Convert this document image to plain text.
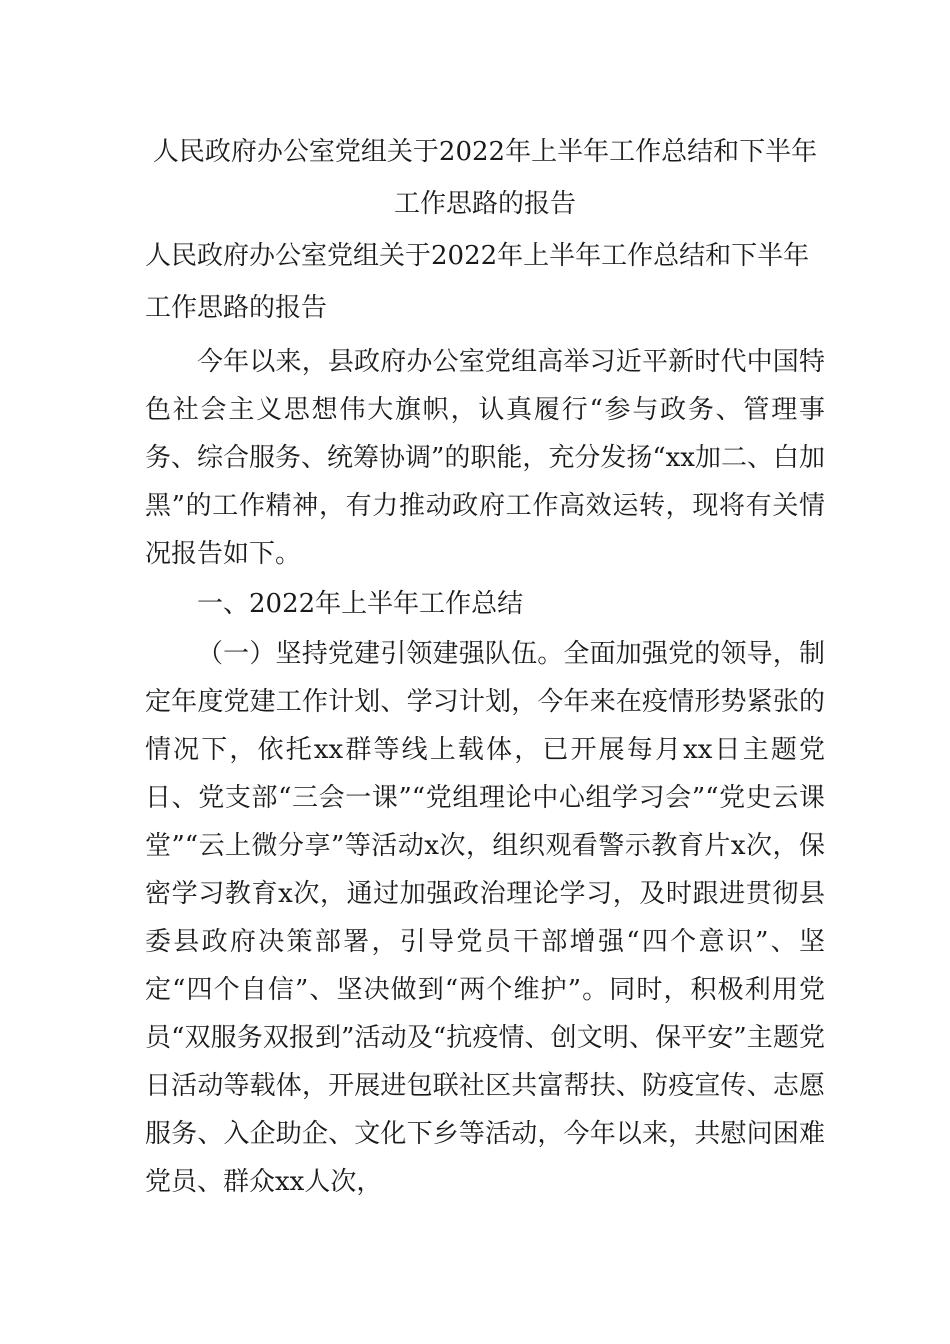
人民政府办公室党组关于2022年上半年工作总结和下半年
工作思路的报告
人民政府办公室党组关于2022年上半年工作总结和下半年
工作思路的报告

今年以来，县政府办公室党组高举习近平新时代中国特色社会主义思想伟大旗帜，认真履行“参与政务、管理事务、综合服务、统筹协调”的职能，充分发扬“xx加二、白加黑”的工作精神，有力推动政府工作高效运转，现将有关情况报告如下。

一、2022年上半年工作总结

（一）坚持党建引领建强队伍。全面加强党的领导，制定年度党建工作计划、学习计划，今年来在疫情形势紧张的情况下，依托xx群等线上载体，已开展每月xx日主题党日、党支部“三会一课”“党组理论中心组学习会”“党史云课堂”“云上微分享”等活动x次，组织观看警示教育片x次，保密学习教育x次，通过加强政治理论学习，及时跟进贯彻县委县政府决策部署，引导党员干部增强“四个意识”、坚定“四个自信”、坚决做到“两个维护”。同时，积极利用党员“双服务双报到”活动及“抗疫情、创文明、保平安”主题党日活动等载体，开展进包联社区共富帮扶、防疫宣传、志愿服务、入企助企、文化下乡等活动，今年以来，共慰问困难党员、群众xx人次，
